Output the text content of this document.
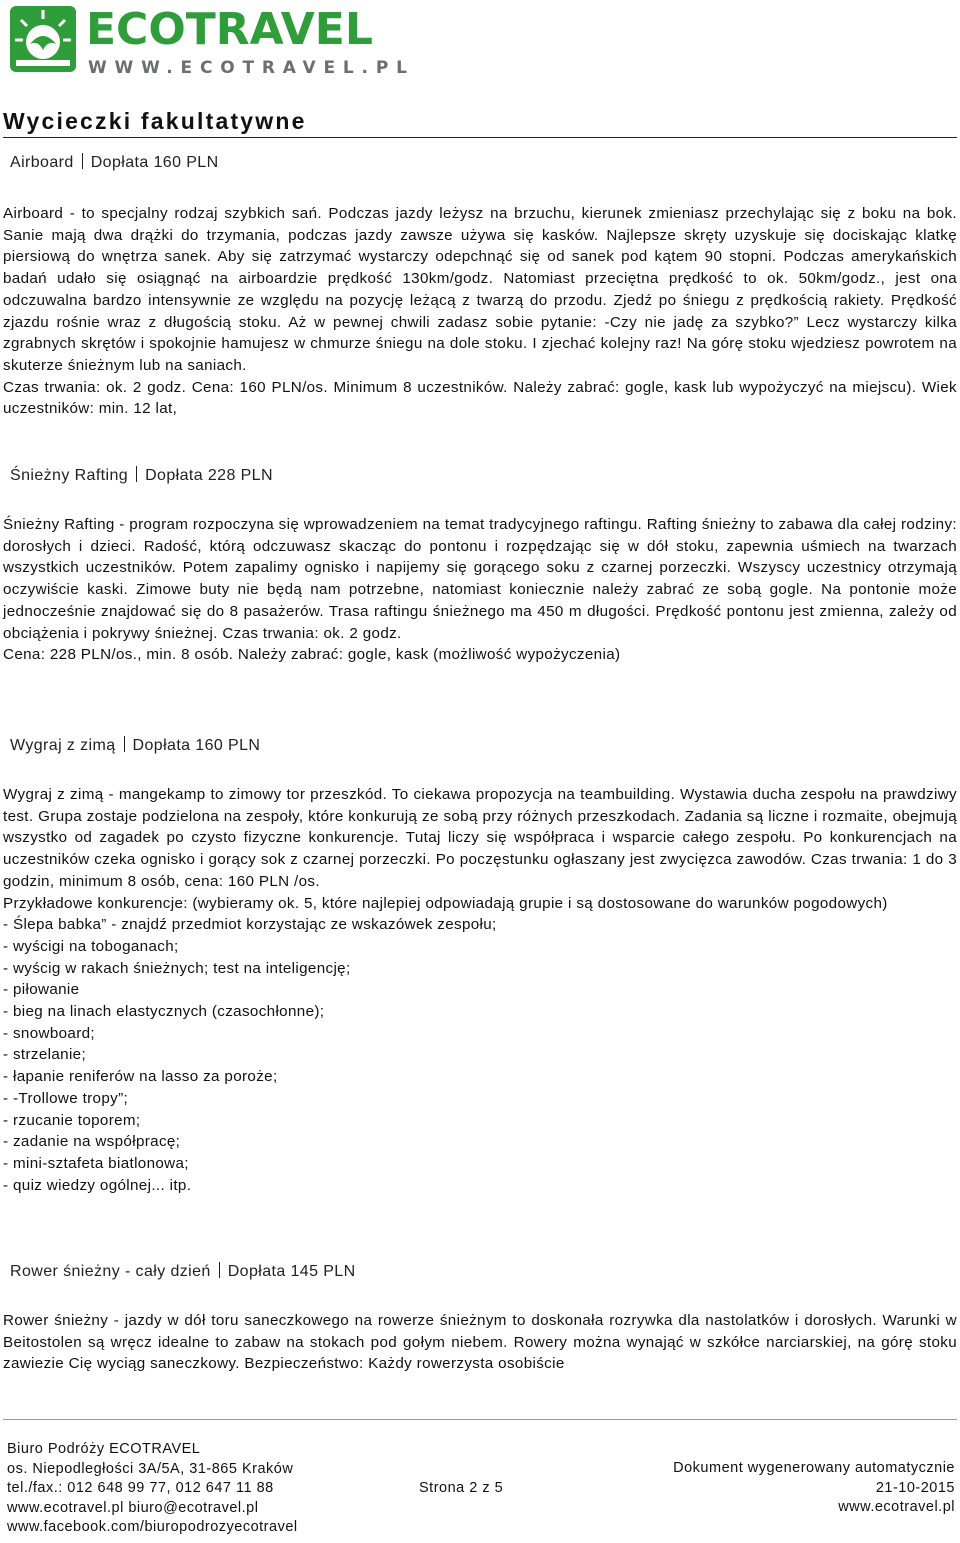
ECOTRAVEL
WWW.ECOTRAVEL.PL
Wycieczki fakultatywne
Airboard Dopłata 160 PLN

Airboard - to specjalny rodzaj szybkich sań. Podczas jazdy leżysz na brzuchu, kierunek zmieniasz przechylając się z boku na bok. Sanie mają dwa drążki do trzymania, podczas jazdy zawsze używa się kasków. Najlepsze skręty uzyskuje się dociskając klatkę piersiową do wnętrza sanek. Aby się zatrzymać wystarczy odepchnąć się od sanek pod kątem 90 stopni. Podczas amerykańskich badań udało się osiągnąć na airboardzie prędkość 130km/godz. Natomiast przeciętna prędkość to ok. 50km/godz., jest ona odczuwalna bardzo intensywnie ze względu na pozycję leżącą z twarzą do przodu. Zjedź po śniegu z prędkością rakiety. Prędkość zjazdu rośnie wraz z długością stoku. Aż w pewnej chwili zadasz sobie pytanie: -Czy nie jadę za szybko?” Lecz wystarczy kilka zgrabnych skrętów i spokojnie hamujesz w chmurze śniegu na dole stoku. I zjechać kolejny raz! Na górę stoku wjedziesz powrotem na skuterze śnieżnym lub na saniach.

Czas trwania: ok. 2 godz. Cena: 160 PLN/os. Minimum 8 uczestników. Należy zabrać: gogle, kask lub wypożyczyć na miejscu). Wiek uczestników: min. 12 lat,

Śnieżny Rafting Dopłata 228 PLN

Śnieżny Rafting - program rozpoczyna się wprowadzeniem na temat tradycyjnego raftingu. Rafting śnieżny to zabawa dla całej rodziny: dorosłych i dzieci. Radość, którą odczuwasz skacząc do pontonu i rozpędzając się w dół stoku, zapewnia uśmiech na twarzach wszystkich uczestników. Potem zapalimy ognisko i napijemy się gorącego soku z czarnej porzeczki. Wszyscy uczestnicy otrzymają oczywiście kaski. Zimowe buty nie będą nam potrzebne, natomiast koniecznie należy zabrać ze sobą gogle. Na pontonie może jednocześnie znajdować się do 8 pasażerów. Trasa raftingu śnieżnego ma 450 m długości. Prędkość pontonu jest zmienna, zależy od obciążenia i pokrywy śnieżnej. Czas trwania: ok. 2 godz.

Cena: 228 PLN/os., min. 8 osób. Należy zabrać: gogle, kask (możliwość wypożyczenia)

Wygraj z zimą Dopłata 160 PLN

Wygraj z zimą - mangekamp to zimowy tor przeszkód. To ciekawa propozycja na teambuilding. Wystawia ducha zespołu na prawdziwy test. Grupa zostaje podzielona na zespoły, które konkurują ze sobą przy różnych przeszkodach. Zadania są liczne i rozmaite, obejmują wszystko od zagadek po czysto fizyczne konkurencje. Tutaj liczy się współpraca i wsparcie całego zespołu. Po konkurencjach na uczestników czeka ognisko i gorący sok z czarnej porzeczki. Po poczęstunku ogłaszany jest zwycięzca zawodów. Czas trwania: 1 do 3 godzin, minimum 8 osób, cena: 160 PLN /os.

Przykładowe konkurencje: (wybieramy ok. 5, które najlepiej odpowiadają grupie i są dostosowane do warunków pogodowych)

- Ślepa babka” - znajdź przedmiot korzystając ze wskazówek zespołu;
- wyścigi na toboganach;
- wyścig w rakach śnieżnych; test na inteligencję;
- piłowanie
- bieg na linach elastycznych (czasochłonne);
- snowboard;
- strzelanie;
- łapanie reniferów na lasso za poroże;
- -Trollowe tropy”;
- rzucanie toporem;
- zadanie na współpracę;
- mini-sztafeta biatlonowa;
- quiz wiedzy ogólnej... itp.
Rower śnieżny - cały dzień Dopłata 145 PLN

Rower śnieżny - jazdy w dół toru saneczkowego na rowerze śnieżnym to doskonała rozrywka dla nastolatków i dorosłych. Warunki w Beitostolen są wręcz idealne to zabaw na stokach pod gołym niebem. Rowery można wynająć w szkółce narciarskiej, na górę stoku zawiezie Cię wyciąg saneczkowy. Bezpieczeństwo: Każdy rowerzysta osobiście

Biuro Podróży ECOTRAVEL
os. Niepodległości 3A/5A, 31-865 Kraków
tel./fax.: 012 648 99 77, 012 647 11 88
www.ecotravel.pl biuro@ecotravel.pl
www.facebook.com/biuropodrozyecotravel
Strona 2 z 5
Dokument wygenerowany automatycznie
21-10-2015
www.ecotravel.pl
